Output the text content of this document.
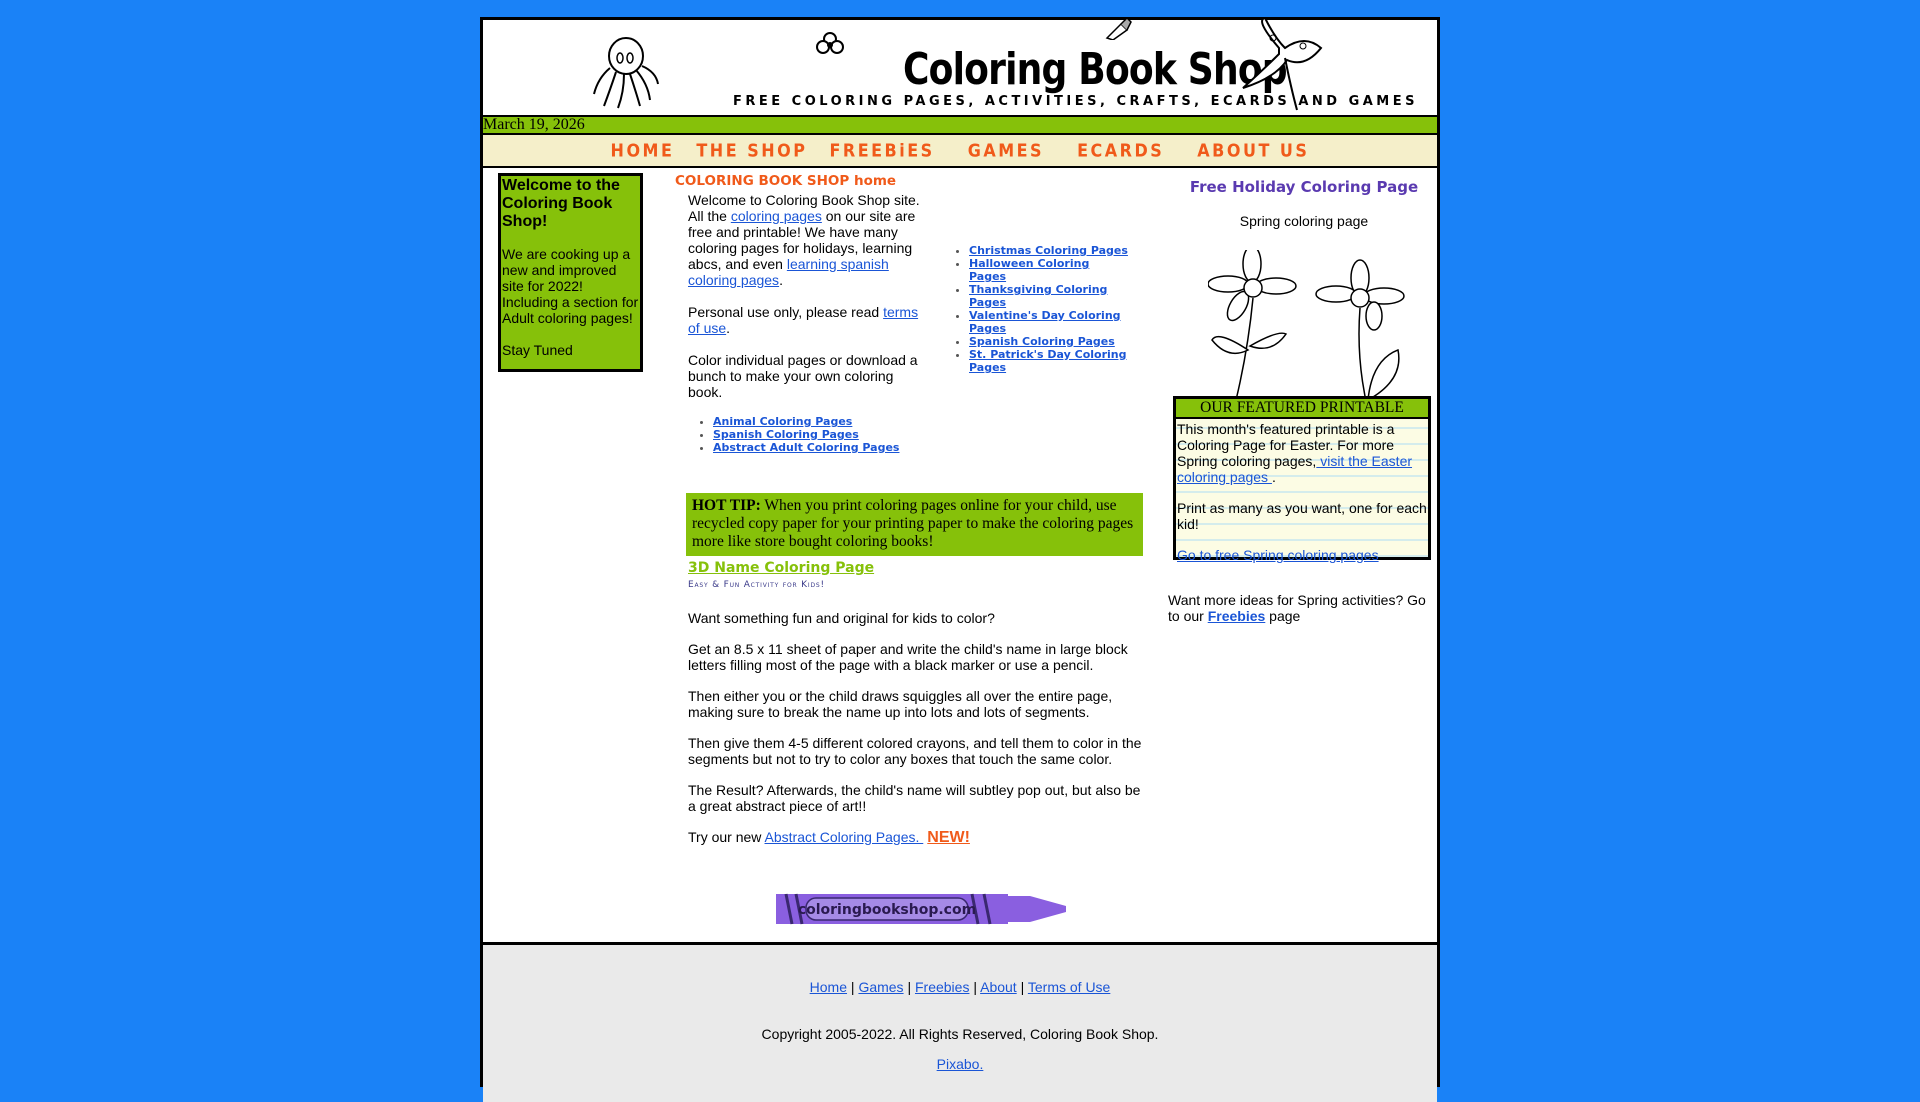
Coloring Book Shop
FREE COLORING PAGES, ACTIVITIES, CRAFTS, ECARDS AND GAMES
March 19, 2026
HOME THE SHOP FREEBiES GAMES ECARDS ABOUT US
Welcome to the Coloring Book Shop!

We are cooking up a new and improved site for 2022! Including a section for Adult coloring pages!

Stay Tuned

COLORING BOOK SHOP home

Welcome to Coloring Book Shop site. All the coloring pages on our site are free and printable! We have many coloring pages for holidays, learning abcs, and even learning spanish coloring pages.

Personal use only, please read terms of use.

Color individual pages or download a bunch to make your own coloring book.

• Animal Coloring Pages
• Spanish Coloring Pages
• Abstract Adult Coloring Pages
• Christmas Coloring Pages
• Halloween Coloring Pages
• Thanksgiving Coloring Pages
• Valentine's Day Coloring Pages
• Spanish Coloring Pages
• St. Patrick's Day Coloring Pages
HOT TIP: When you print coloring pages online for your child, use recycled copy paper for your printing paper to make the coloring pages more like store bought coloring books!
3D Name Coloring Page
Easy & Fun Activity for Kids!

Want something fun and original for kids to color?

Get an 8.5 x 11 sheet of paper and write the child's name in large block letters filling most of the page with a black marker or use a pencil.

Then either you or the child draws squiggles all over the entire page, making sure to break the name up into lots and lots of segments.

Then give them 4-5 different colored crayons, and tell them to color in the segments but not to try to color any boxes that touch the same color.

The Result? Afterwards, the child's name will subtley pop out, but also be a great abstract piece of art!!

Try our new Abstract Coloring Pages. NEW!

coloringbookshop.com
Free Holiday Coloring Page
Spring coloring page
OUR FEATURED PRINTABLE

This month's featured printable is a Coloring Page for Easter. For more Spring coloring pages, visit the Easter coloring pages .

Print as many as you want, one for each kid!

Go to free Spring coloring pages
Want more ideas for Spring activities? Go to our Freebies page
Home | Games | Freebies | About | Terms of Use
Copyright 2005-2022. All Rights Reserved, Coloring Book Shop.
Pixabo.
